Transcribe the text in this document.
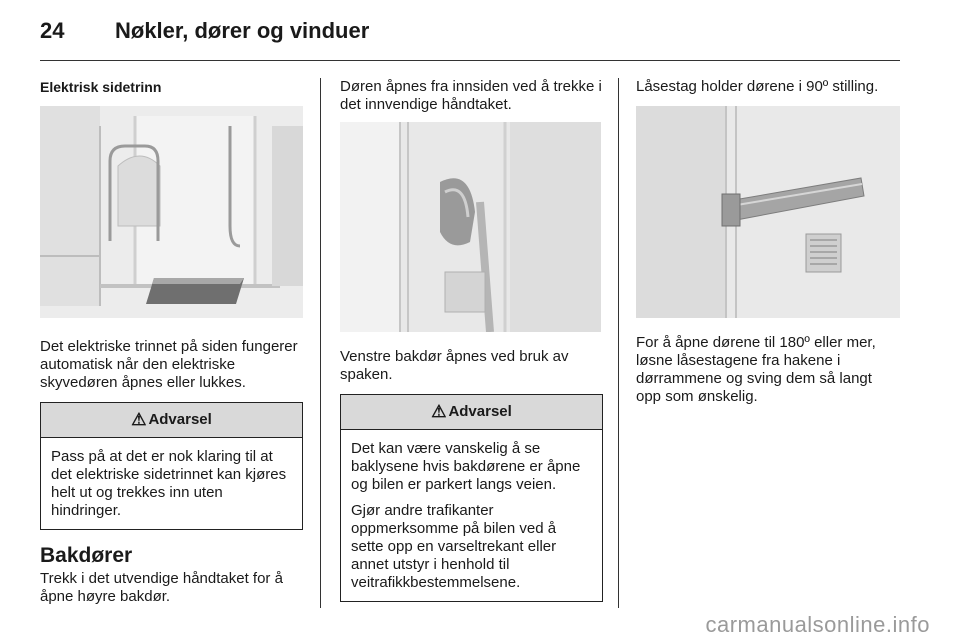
24 Nøkler, dører og vinduer

Elektrisk sidetrinn

Det elektriske trinnet på siden fungerer automatisk når den elektriske skyvedøren åpnes eller lukkes.

⚠ Advarsel
Pass på at det er nok klaring til at det elektriske sidetrinnet kan kjøres helt ut og trekkes inn uten hindringer.

Bakdører

Trekk i det utvendige håndtaket for å åpne høyre bakdør.

Døren åpnes fra innsiden ved å trekke i det innvendige håndtaket.

Venstre bakdør åpnes ved bruk av spaken.

⚠ Advarsel

Det kan være vanskelig å se baklysene hvis bakdørene er åpne og bilen er parkert langs veien.

Gjør andre trafikanter oppmerksomme på bilen ved å sette opp en varseltrekant eller annet utstyr i henhold til veitrafikkbestemmelsene.

Låsestag holder dørene i 90º stilling.

For å åpne dørene til 180º eller mer, løsne låsestagene fra hakene i dørrammene og sving dem så langt opp som ønskelig.

carmanualsonline.info
